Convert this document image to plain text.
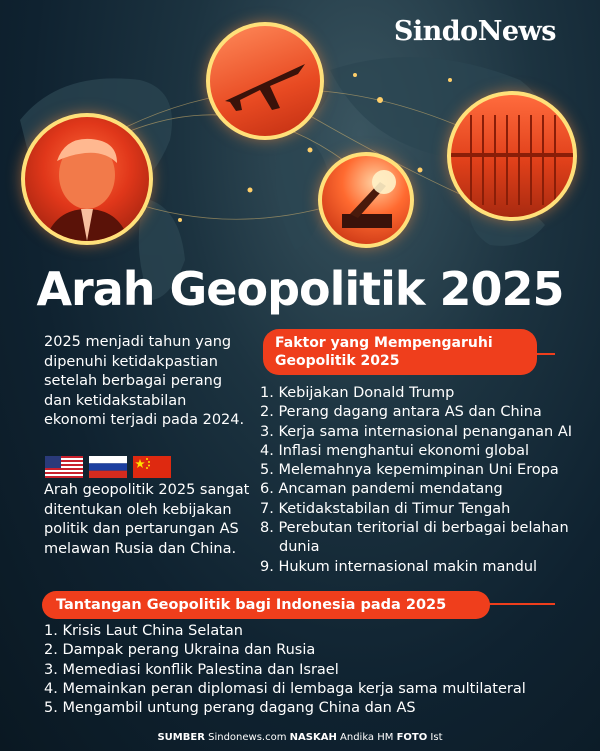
SindoNews
Arah Geopolitik 2025
2025 menjadi tahun yang dipenuhi ketidakpastian setelah berbagai perang dan ketidakstabilan ekonomi terjadi pada 2024.
Arah geopolitik 2025 sangat ditentukan oleh kebijakan politik dan pertarungan AS melawan Rusia dan China.
Faktor yang Mempengaruhi Geopolitik 2025
1. Kebijakan Donald Trump
2. Perang dagang antara AS dan China
3. Kerja sama internasional penanganan AI
4. Inflasi menghantui ekonomi global
5. Melemahnya kepemimpinan Uni Eropa
6. Ancaman pandemi mendatang
7. Ketidakstabilan di Timur Tengah
8. Perebutan teritorial di berbagai belahan dunia
9. Hukum internasional makin mandul
Tantangan Geopolitik bagi Indonesia pada 2025
1. Krisis Laut China Selatan
2. Dampak perang Ukraina dan Rusia
3. Memediasi konflik Palestina dan Israel
4. Memainkan peran diplomasi di lembaga kerja sama multilateral
5. Mengambil untung perang dagang China dan AS
SUMBER Sindonews.com NASKAH Andika HM FOTO Ist
